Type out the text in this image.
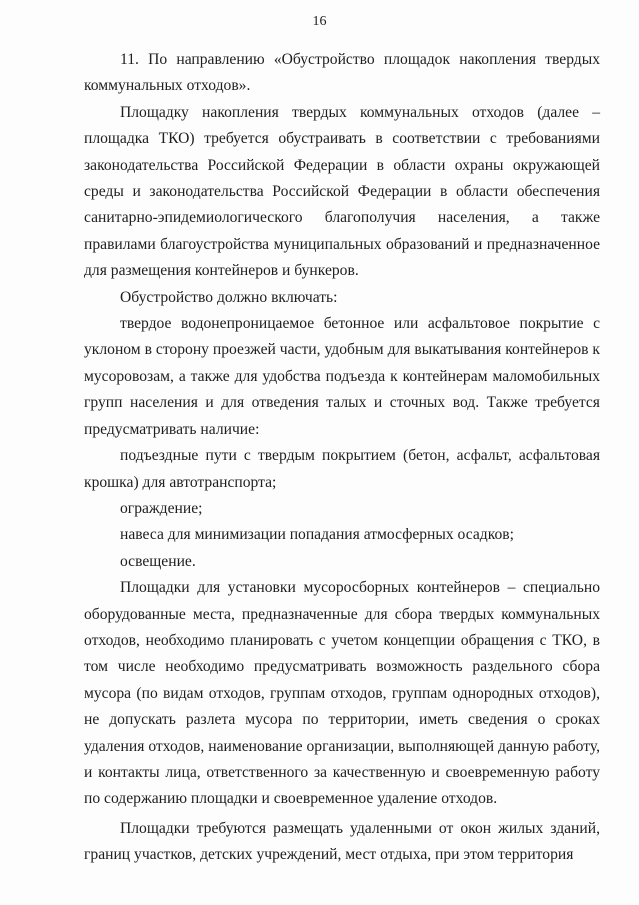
16

11. По направлению «Обустройство площадок накопления твердых коммунальных отходов».

Площадку накопления твердых коммунальных отходов (далее – площадка ТКО) требуется обустраивать в соответствии с требованиями законодательства Российской Федерации в области охраны окружающей среды и законодательства Российской Федерации в области обеспечения санитарно-эпидемиологического благополучия населения, а также правилами благоустройства муниципальных образований и предназначенное для размещения контейнеров и бункеров.

Обустройство должно включать:

твердое водонепроницаемое бетонное или асфальтовое покрытие с уклоном в сторону проезжей части, удобным для выкатывания контейнеров к мусоровозам, а также для удобства подъезда к контейнерам маломобильных групп населения и для отведения талых и сточных вод. Также требуется предусматривать наличие:

подъездные пути с твердым покрытием (бетон, асфальт, асфальтовая крошка) для автотранспорта;

ограждение;

навеса для минимизации попадания атмосферных осадков;

освещение.

Площадки для установки мусоросборных контейнеров – специально оборудованные места, предназначенные для сбора твердых коммунальных отходов, необходимо планировать с учетом концепции обращения с ТКО, в том числе необходимо предусматривать возможность раздельного сбора мусора (по видам отходов, группам отходов, группам однородных отходов), не допускать разлета мусора по территории, иметь сведения о сроках удаления отходов, наименование организации, выполняющей данную работу, и контакты лица, ответственного за качественную и своевременную работу по содержанию площадки и своевременное удаление отходов.

Площадки требуются размещать удаленными от окон жилых зданий, границ участков, детских учреждений, мест отдыха, при этом территория
